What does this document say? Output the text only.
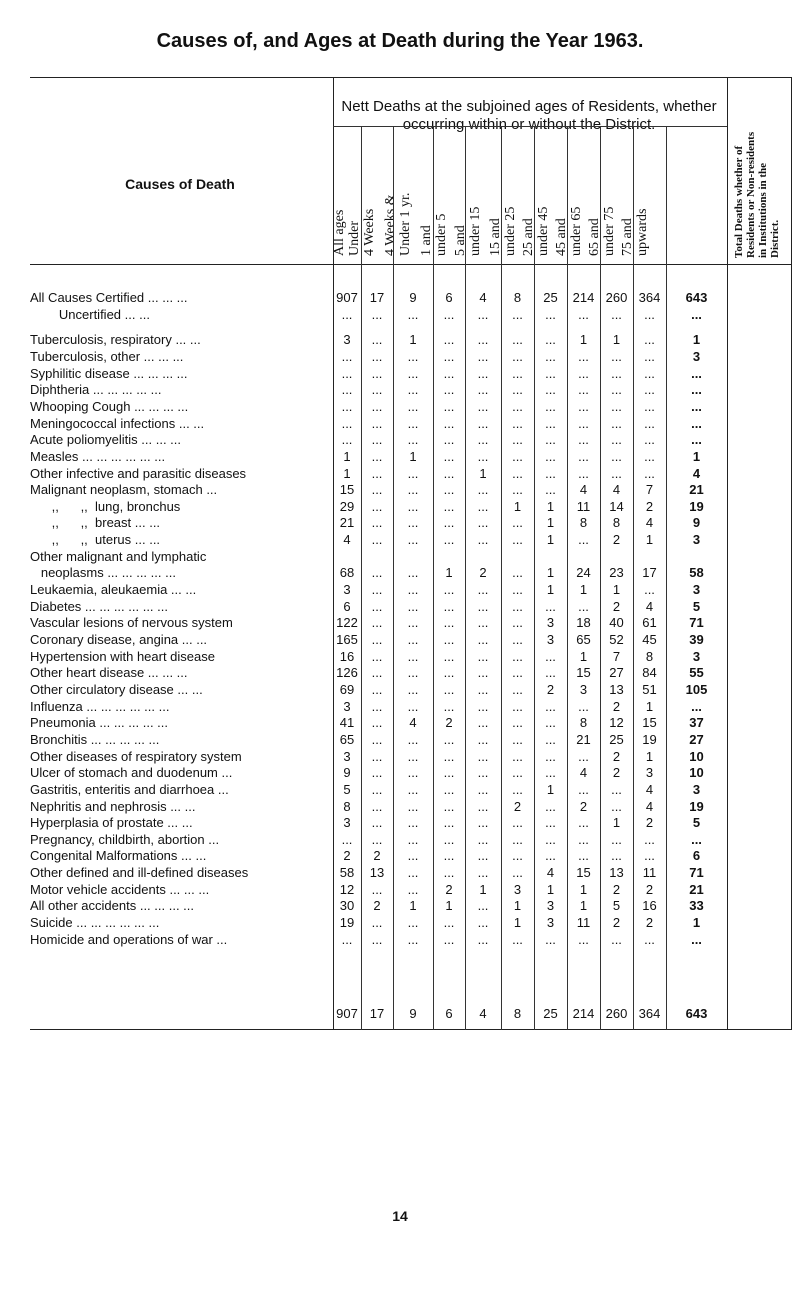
Causes of, and Ages at Death during the Year 1963.
Causes of Death
Nett Deaths at the subjoined ages of Residents, whether occurring within or without the District.
All ages Under 4 Weeks 4 Weeks & Under 1 yr. 1 and under 5 5 and under 15 15 and under 25 25 and under 45 45 and under 65 65 and under 75 75 and upwards	Total Deaths whether of Residents or Non-residents in Institutions in the District.
All Causes Certified ... ... ...	907 17	9	6	4	8	25	214 260 364	643
Uncertified ... ...	...	...	...	...	...	...	...	...	...	...	...
Tuberculosis, respiratory ... ...	3	...	1	...	...	...	...	1	1	...	1
Tuberculosis, other ... ... ...	...	...	...	...	...	...	...	...	...	...	3
Syphilitic disease ... ... ... ...	...	...	...	...	...	...	...	...	...	...	...
Diphtheria ... ... ... ... ...	...	...	...	...	...	...	...	...	...	...	...
Whooping Cough ... ... ... ...	...	...	...	...	...	...	...	...	...	...	...
Meningococcal infections ... ...	...	...	...	...	...	...	...	...	...	...	...
Acute poliomyelitis ... ... ...	...	...	...	...	...	...	...	...	...	...	...
Measles ... ... ... ... ... ...	1	...	1	...	...	...	...	...	...	...	1
Other infective and parasitic diseases	1	...	...	...	1	...	...	...	...	...	4
Malignant neoplasm, stomach ...	15	...	...	...	...	...	...	4	4	7	21
,,      ,,  lung, bronchus	29	...	...	...	...	1	1	11	14	2	19
,,      ,,  breast ... ...	21	...	...	...	...	...	1	8	8	4	9
,,      ,,  uterus ... ...	4	...	...	...	...	...	1	...	2	1	3
Other malignant and lymphatic
neoplasms ... ... ... ... ...	68	...	...	1	2	...	1	24	23	17	58
Leukaemia, aleukaemia ... ...	3	...	...	...	...	...	1	1	1	...	3
Diabetes ... ... ... ... ... ...	6	...	...	...	...	...	...	...	2	4	5
Vascular lesions of nervous system	122	...	...	...	...	...	3	18	40	61	71
Coronary disease, angina ... ...	165	...	...	...	...	...	3	65	52	45	39
Hypertension with heart disease	16	...	...	...	...	...	...	1	7	8	3
Other heart disease ... ... ...	126	...	...	...	...	...	...	15	27	84	55
Other circulatory disease ... ...	69	...	...	...	...	...	2	3	13	51	105
Influenza ... ... ... ... ... ...	3	...	...	...	...	...	...	...	2	1	...
Pneumonia ... ... ... ... ...	41	...	4	2	...	...	...	8	12	15	37
Bronchitis ... ... ... ... ...	65	...	...	...	...	...	...	21	25	19	27
Other diseases of respiratory system	3	...	...	...	...	...	...	...	2	1	10
Ulcer of stomach and duodenum ...	9	...	...	...	...	...	...	4	2	3	10
Gastritis, enteritis and diarrhoea ...	5	...	...	...	...	...	1	...	...	4	3
Nephritis and nephrosis ... ...	8	...	...	...	...	2	...	2	...	4	19
Hyperplasia of prostate ... ...	3	...	...	...	...	...	...	...	1	2	5
Pregnancy, childbirth, abortion ...	...	...	...	...	...	...	...	...	...	...	...
Congenital Malformations ... ...	2	2	...	...	...	...	...	...	...	...	6
Other defined and ill-defined diseases	58	13	...	...	...	...	4	15	13	11	71
Motor vehicle accidents ... ... ...	12	...	...	2	1	3	1	1	2	2	21
All other accidents ... ... ... ...	30	2	1	1	...	1	3	1	5	16	33
Suicide ... ... ... ... ... ...	19	...	...	...	...	1	3	11	2	2	1
Homicide and operations of war ...	...	...	...	...	...	...	...	...	...	...	...
907 17	9	6	4	8	25	214 260 364	643
14
